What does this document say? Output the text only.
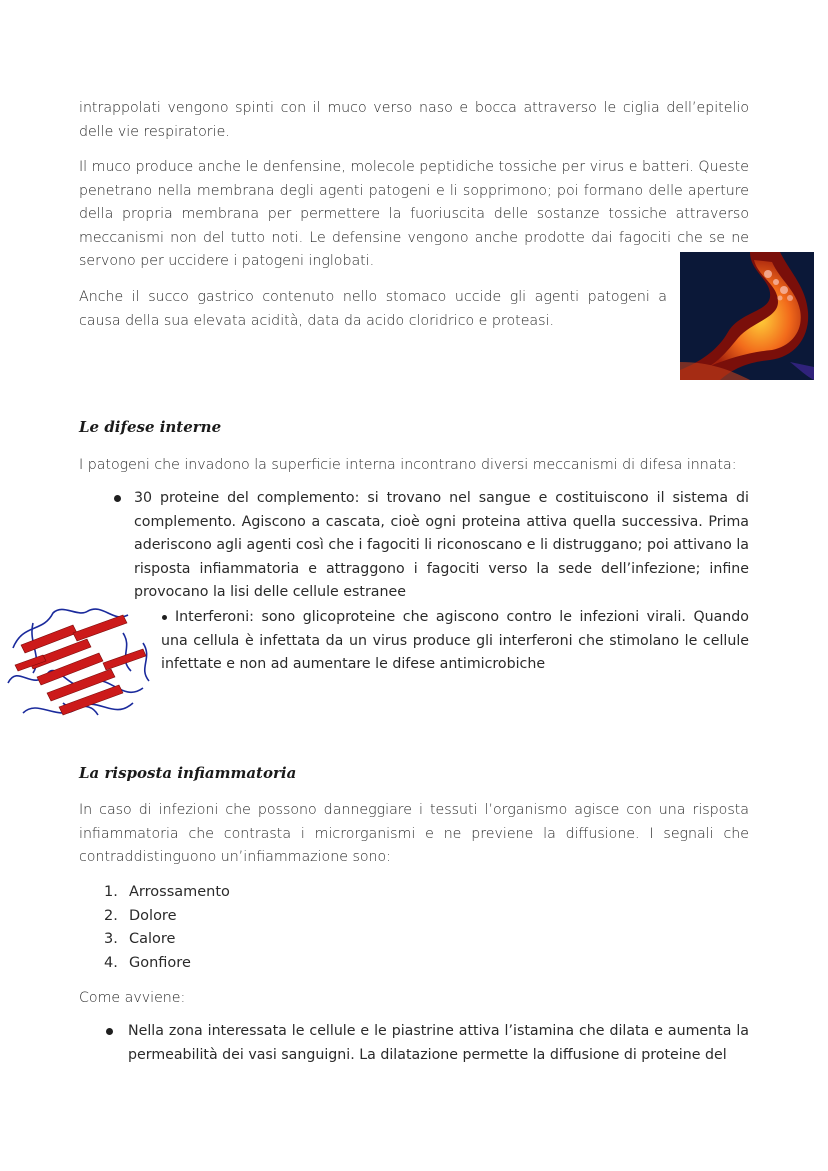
intrappolati vengono spinti con il muco verso naso e bocca attraverso le ciglia dell’epitelio delle vie respiratorie.

Il muco produce anche le denfensine, molecole peptidiche tossiche per virus e batteri. Queste penetrano nella membrana degli agenti patogeni e li sopprimono; poi formano delle aperture della propria membrana per permettere la fuoriuscita delle sostanze tossiche attraverso meccanismi non del tutto noti. Le defensine vengono anche prodotte dai fagociti che se ne servono per uccidere i patogeni inglobati.

Anche il succo gastrico contenuto nello stomaco uccide gli agenti patogeni a causa della sua elevata acidità, data da acido cloridrico e proteasi.

Le difese interne

I patogeni che invadono la superficie interna incontrano diversi meccanismi di difesa innata:

30 proteine del complemento: si trovano nel sangue e costituiscono il sistema di complemento. Agiscono a cascata, cioè ogni proteina attiva quella successiva. Prima aderiscono agli agenti così che i fagociti li riconoscano e li distruggano; poi attivano la risposta infiammatoria e attraggono i fagociti verso la sede dell’infezione; infine provocano la lisi delle cellule estranee

Interferoni: sono glicoproteine che agiscono contro le infezioni virali. Quando una cellula è infettata da un virus produce gli interferoni che stimolano le cellule infettate e non ad aumentare le difese antimicrobiche

La risposta infiammatoria

In caso di infezioni che possono danneggiare i tessuti l’organismo agisce con una risposta infiammatoria che contrasta i microrganismi e ne previene la diffusione. I segnali che contraddistinguono un’infiammazione sono:

1. Arrossamento
2. Dolore
3. Calore
4. Gonfiore

Come avviene:

Nella zona interessata le cellule e le piastrine attiva l’istamina che dilata e aumenta la permeabilità dei vasi sanguigni. La dilatazione permette la diffusione di proteine del
